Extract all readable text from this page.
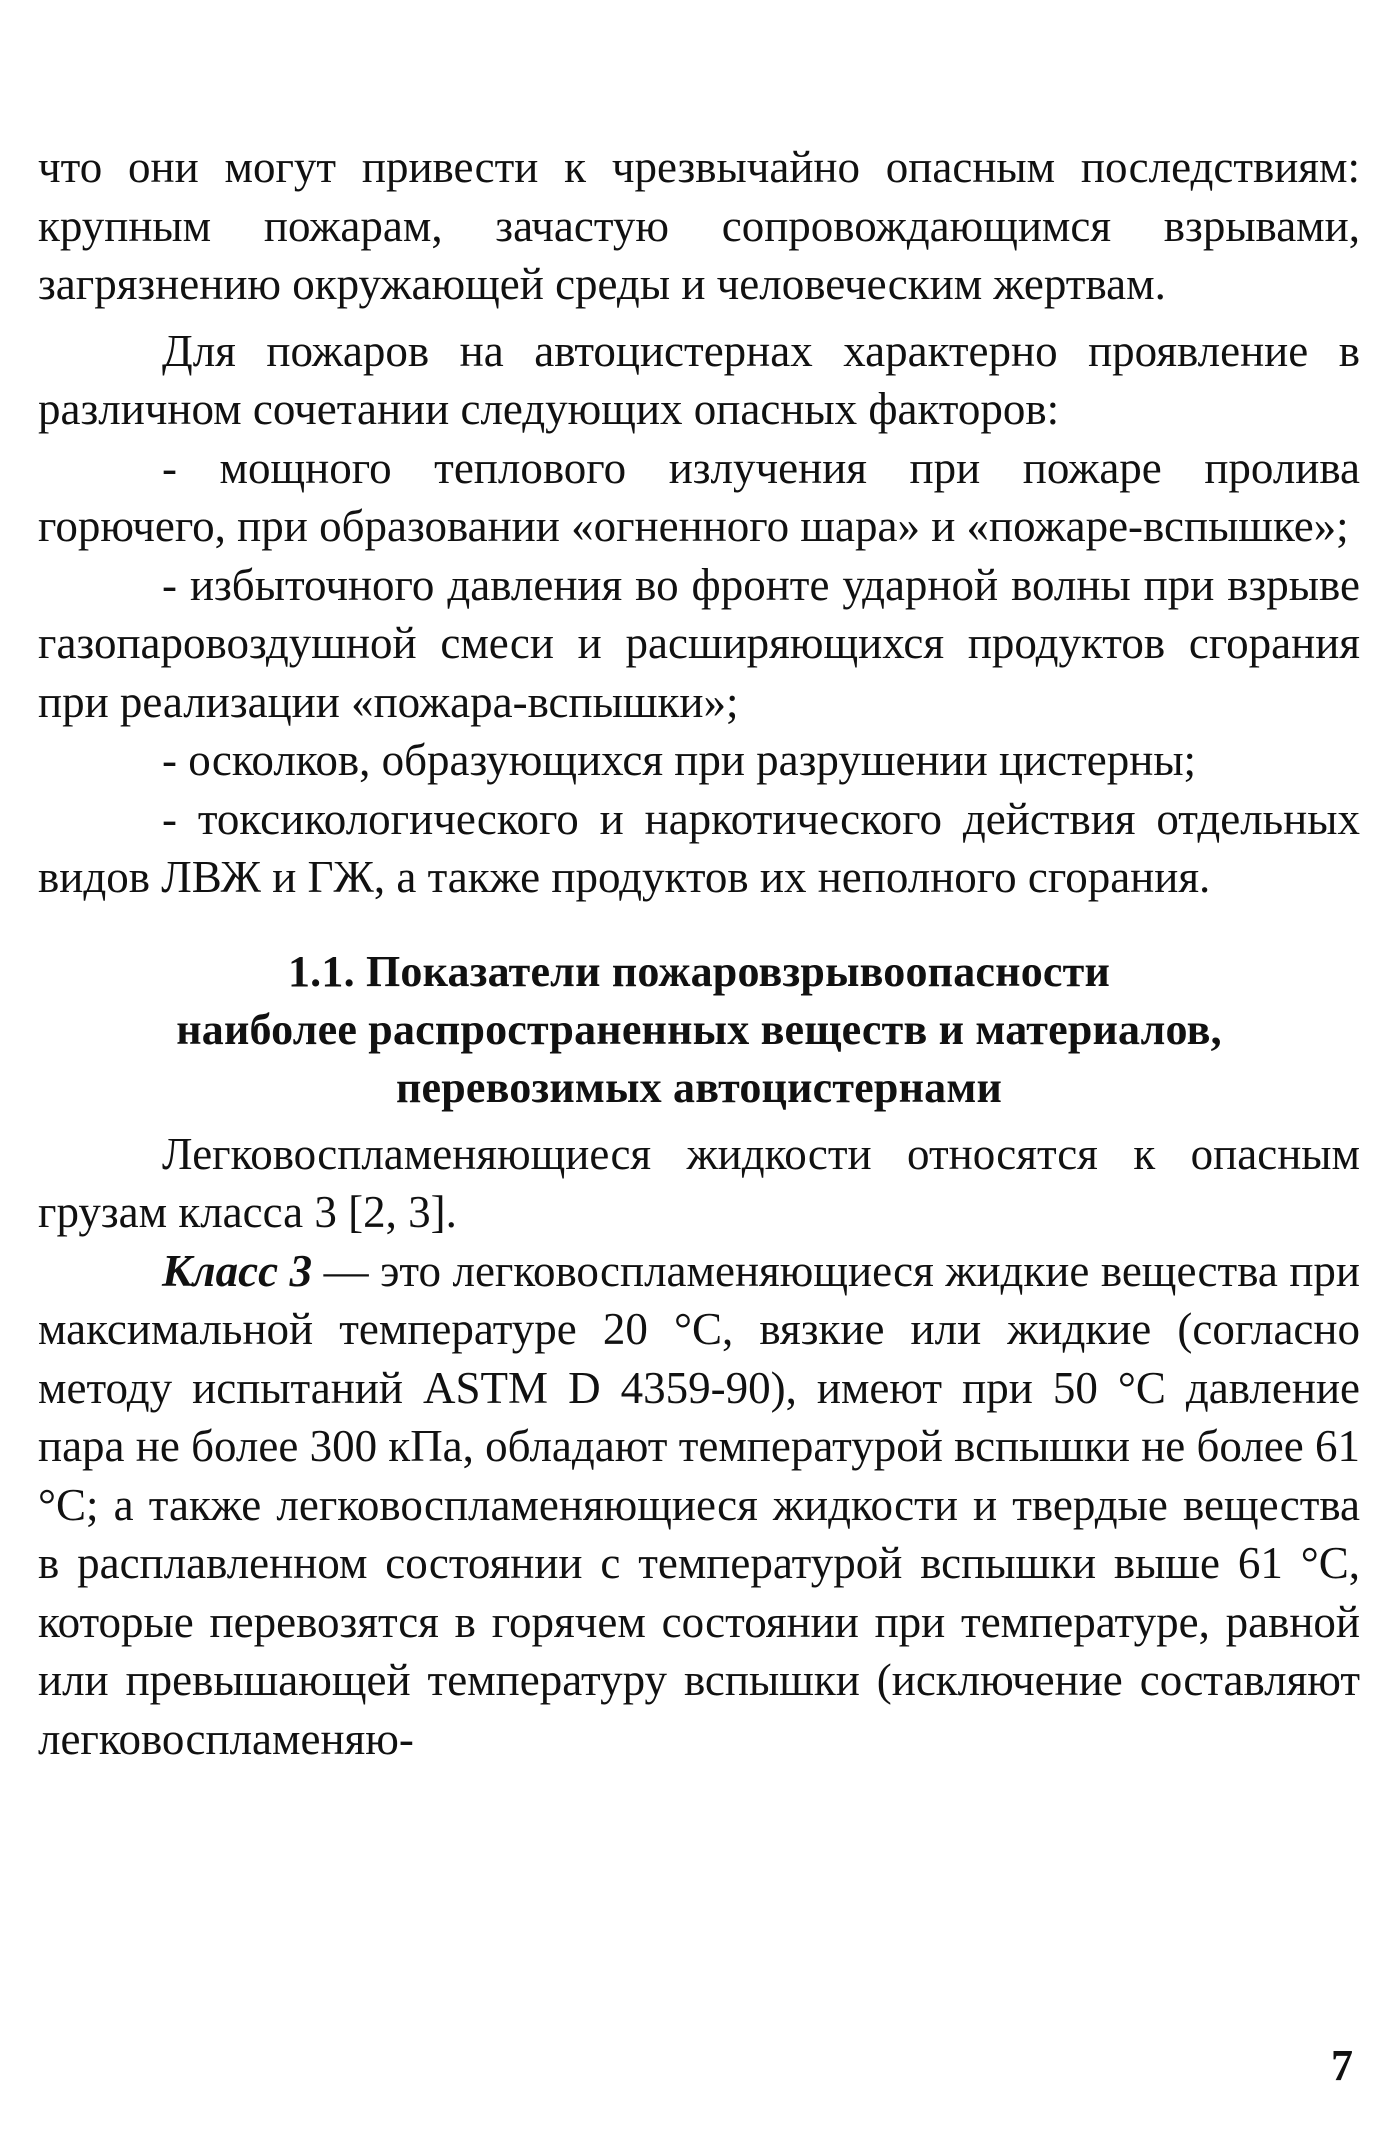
что они могут привести к чрезвычайно опасным последствиям: крупным пожарам, зачастую сопровождающимся взрывами, загрязнению окружающей среды и человеческим жертвам.

Для пожаров на автоцистернах характерно проявление в различном сочетании следующих опасных факторов:

- мощного теплового излучения при пожаре пролива горючего, при образовании «огненного шара» и «пожаре-вспышке»;

- избыточного давления во фронте ударной волны при взрыве газопаровоздушной смеси и расширяющихся продуктов сгорания при реализации «пожара-вспышки»;

- осколков, образующихся при разрушении цистерны;

- токсикологического и наркотического действия отдельных видов ЛВЖ и ГЖ, а также продуктов их неполного сгорания.

1.1. Показатели пожаровзрывоопасности
наиболее распространенных веществ и материалов,
перевозимых автоцистернами

Легковоспламеняющиеся жидкости относятся к опасным грузам класса 3 [2, 3].

Класс 3 — это легковоспламеняющиеся жидкие вещества при максимальной температуре 20 °С, вязкие или жидкие (согласно методу испытаний ASTM D 4359-90), имеют при 50 °С давление пара не более 300 кПа, обладают температурой вспышки не более 61 °С; а также легковоспламеняющиеся жидкости и твердые вещества в расплавленном состоянии с температурой вспышки выше 61 °С, которые перевозятся в горячем состоянии при температуре, равной или превышающей температуру вспышки (исключение составляют легковоспламеняю-

7
